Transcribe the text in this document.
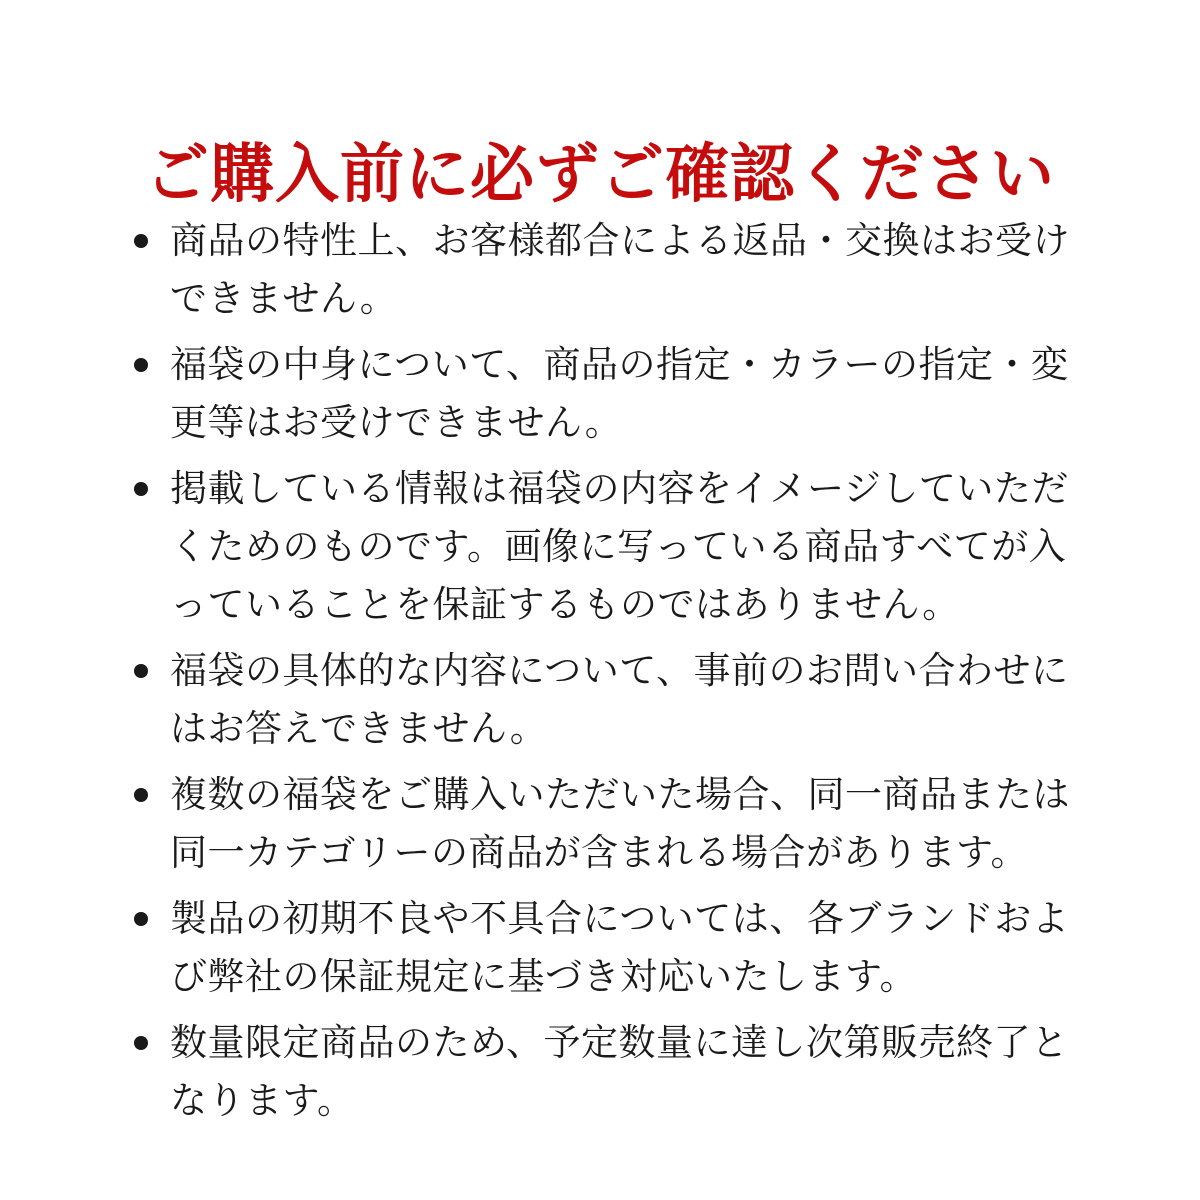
ご購入前に必ずご確認ください
商品の特性上、お客様都合による返品・交換はお受けできません。
福袋の中身について、商品の指定・カラーの指定・変更等はお受けできません。
掲載している情報は福袋の内容をイメージしていただくためのものです。画像に写っている商品すべてが入っていることを保証するものではありません。
福袋の具体的な内容について、事前のお問い合わせにはお答えできません。
複数の福袋をご購入いただいた場合、同一商品または同一カテゴリーの商品が含まれる場合があります。
製品の初期不良や不具合については、各ブランドおよび弊社の保証規定に基づき対応いたします。
数量限定商品のため、予定数量に達し次第販売終了となります。
